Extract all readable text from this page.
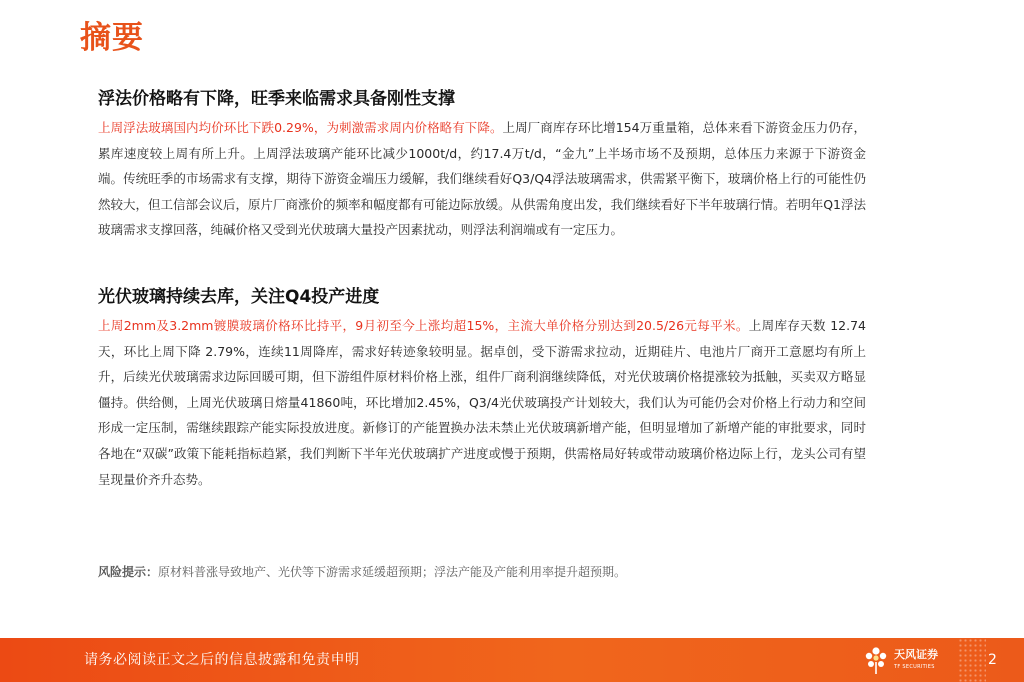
摘要
浮法价格略有下降，旺季来临需求具备刚性支撑
上周浮法玻璃国内均价环比下跌0.29%，为刺激需求周内价格略有下降。上周厂商库存环比增154万重量箱，总体来看下游资金压力仍存，累库速度较上周有所上升。上周浮法玻璃产能环比减少1000t/d，约17.4万t/d，“金九”上半场市场不及预期，总体压力来源于下游资金端。传统旺季的市场需求有支撑，期待下游资金端压力缓解，我们继续看好Q3/Q4浮法玻璃需求，供需紧平衡下，玻璃价格上行的可能性仍然较大，但工信部会议后，原片厂商涨价的频率和幅度都有可能边际放缓。从供需角度出发，我们继续看好下半年玻璃行情。若明年Q1浮法玻璃需求支撑回落，纯碱价格又受到光伏玻璃大量投产因素扰动，则浮法利润端或有一定压力。
光伏玻璃持续去库，关注Q4投产进度
上周2mm及3.2mm镀膜玻璃价格环比持平，9月初至今上涨均超15%，主流大单价格分别达到20.5/26元每平米。上周库存天数 12.74 天，环比上周下降 2.79%，连续11周降库，需求好转迹象较明显。据卓创，受下游需求拉动，近期硅片、电池片厂商开工意愿均有所上升，后续光伏玻璃需求边际回暖可期，但下游组件原材料价格上涨，组件厂商利润继续降低，对光伏玻璃价格提涨较为抵触，买卖双方略显僵持。供给侧，上周光伏玻璃日熔量41860吨，环比增加2.45%，Q3/4光伏玻璃投产计划较大，我们认为可能仍会对价格上行动力和空间形成一定压制，需继续跟踪产能实际投放进度。新修订的产能置换办法未禁止光伏玻璃新增产能，但明显增加了新增产能的审批要求，同时各地在“双碳”政策下能耗指标趋紧，我们判断下半年光伏玻璃扩产进度或慢于预期，供需格局好转或带动玻璃价格边际上行，龙头公司有望呈现量价齐升态势。
风险提示：原材料普涨导致地产、光伏等下游需求延缓超预期；浮法产能及产能利用率提升超预期。
请务必阅读正文之后的信息披露和免责申明	天风证券
TF SECURITIES	2
